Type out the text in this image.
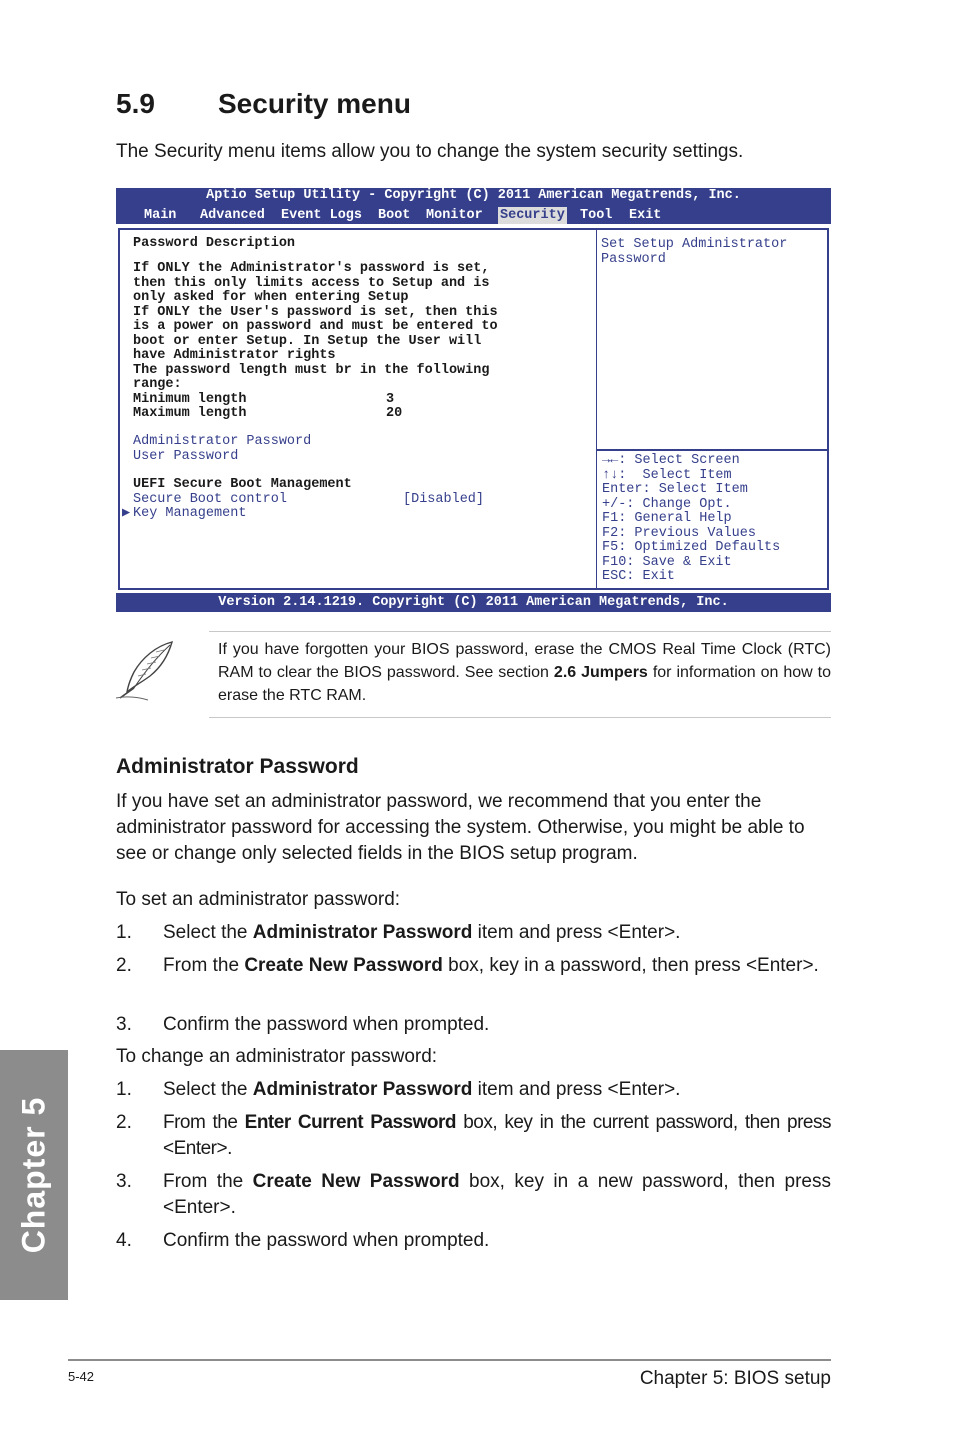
Chapter 5
5.9 Security menu
The Security menu items allow you to change the system security settings.
Aptio Setup Utility - Copyright (C) 2011 American Megatrends, Inc.
Main Advanced Event Logs Boot Monitor Security Tool Exit
Password Description
If ONLY the Administrator's password is set,
then this only limits access to Setup and is
only asked for when entering Setup
If ONLY the User's password is set, then this
is a power on password and must be entered to
boot or enter Setup. In Setup the User will
have Administrator rights
The password length must br in the following
range:
Minimum length	3
Maximum length	20
Administrator Password
User Password
UEFI Secure Boot Management
Secure Boot control	[Disabled]
▶ Key Management
Set Setup Administrator
Password
→←: Select Screen
↑↓:  Select Item
Enter: Select Item
+/-: Change Opt.
F1: General Help
F2: Previous Values
F5: Optimized Defaults
F10: Save & Exit
ESC: Exit
Version 2.14.1219. Copyright (C) 2011 American Megatrends, Inc.
If you have forgotten your BIOS password, erase the CMOS Real Time Clock (RTC) RAM to clear the BIOS password. See section 2.6 Jumpers for information on how to erase the RTC RAM.
Administrator Password
If you have set an administrator password, we recommend that you enter the administrator password for accessing the system. Otherwise, you might be able to see or change only selected fields in the BIOS setup program.
To set an administrator password:
1. Select the Administrator Password item and press <Enter>.
2. From the Create New Password box, key in a password, then press <Enter>.
3. Confirm the password when prompted.
To change an administrator password:
1. Select the Administrator Password item and press <Enter>.
2. From the Enter Current Password box, key in the current password, then press <Enter>.
3. From the Create New Password box, key in a new password, then press <Enter>.
4. Confirm the password when prompted.
5-42	Chapter 5: BIOS setup
